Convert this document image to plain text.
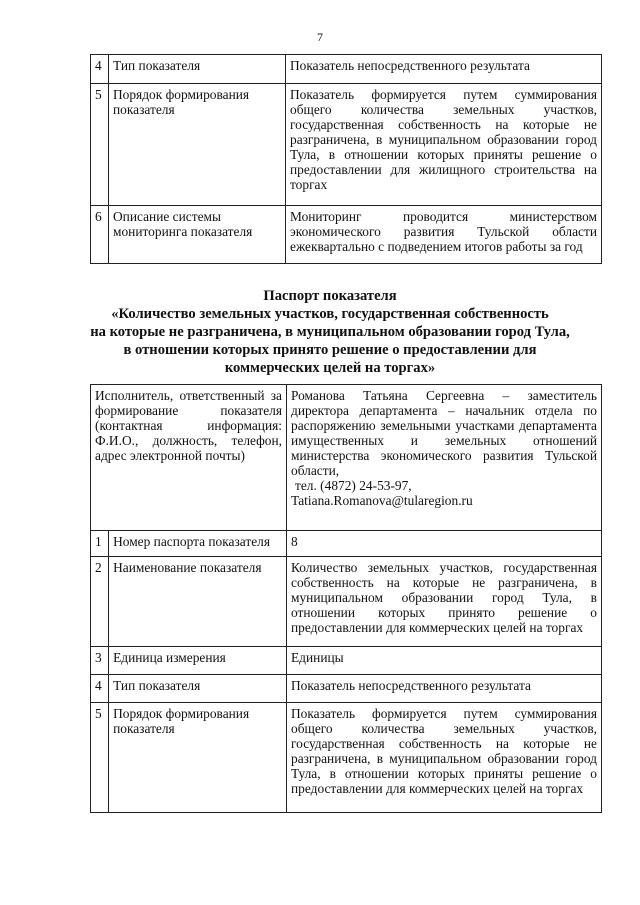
7
4	Тип показателя	Показатель непосредственного результата
5	Порядок формирования показателя	Показатель формируется путем суммирования общего количества земельных участков, государственная собственность на которые не разграничена, в муниципальном образовании город Тула, в отношении которых приняты решение о предоставлении для жилищного строительства на торгах
6	Описание системы мониторинга показателя	Мониторинг проводится министерством экономического развития Тульской области ежеквартально с подведением итогов работы за год
Паспорт показателя
«Количество земельных участков, государственная собственность
на которые не разграничена, в муниципальном образовании город Тула,
в отношении которых принято решение о предоставлении для
коммерческих целей на торгах»
Исполнитель, ответственный за формирование показателя (контактная информация: Ф.И.О., должность, телефон, адрес электронной почты)		Романова Татьяна Сергеевна – заместитель директора департамента – начальник отдела по распоряжению земельными участками департамента имущественных и земельных отношений министерства экономического развития Тульской области,
тел. (4872) 24-53-97,
Tatiana.Romanova@tularegion.ru

1	Номер паспорта показателя	8
2	Наименование показателя	Количество земельных участков, государственная собственность на которые не разграничена, в муниципальном образовании город Тула, в отношении которых принято решение о предоставлении для коммерческих целей на торгах
3	Единица измерения	Единицы
4	Тип показателя	Показатель непосредственного результата
5	Порядок формирования показателя	Показатель формируется путем суммирования общего количества земельных участков, государственная собственность на которые не разграничена, в муниципальном образовании город Тула, в отношении которых приняты решение о предоставлении для коммерческих целей на торгах
